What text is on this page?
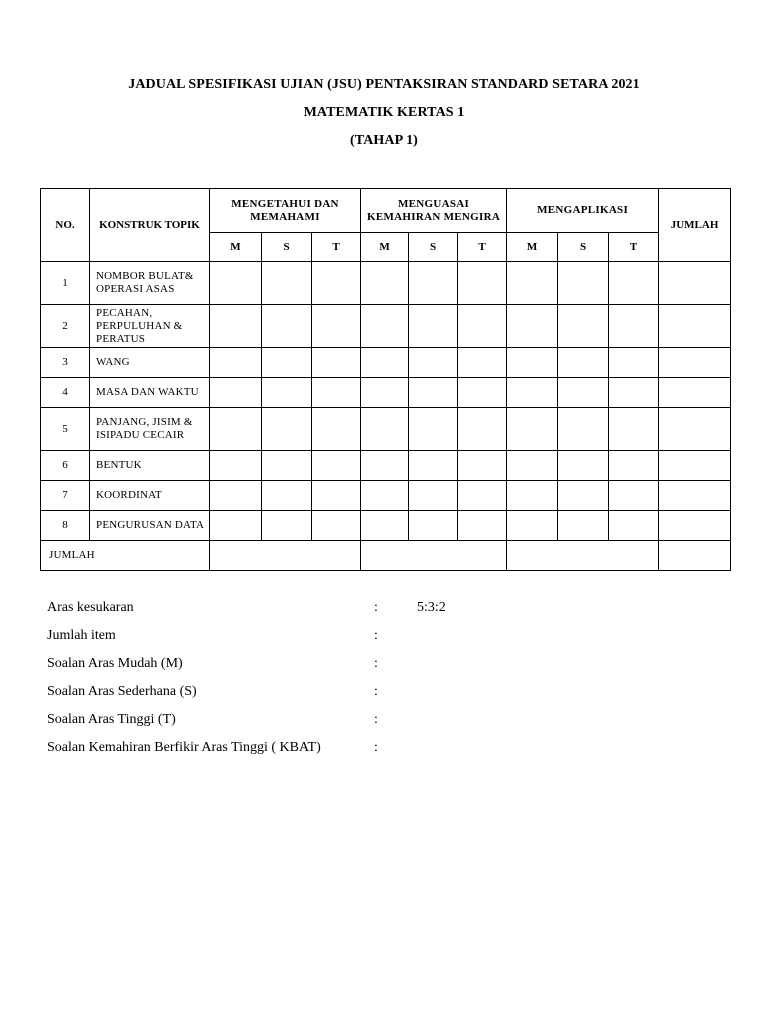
JADUAL SPESIFIKASI UJIAN (JSU) PENTAKSIRAN STANDARD SETARA 2021
MATEMATIK KERTAS 1
(TAHAP 1)
NO.	KONSTRUK TOPIK	MENGETAHUI DAN MEMAHAMI			MENGUASAI KEMAHIRAN MENGIRA			MENGAPLIKASI			JUMLAH
		M	S	T	M	S	T	M	S	T	
1	NOMBOR BULAT& OPERASI ASAS										
2	PECAHAN, PERPULUHAN & PERATUS										
3	WANG										
4	MASA DAN WAKTU										
5	PANJANG, JISIM & ISIPADU CECAIR										
6	BENTUK										
7	KOORDINAT										
8	PENGURUSAN DATA										
JUMLAH											
Aras kesukaran	:	5:3:2
Jumlah item	:
Soalan Aras Mudah (M)	:
Soalan Aras Sederhana (S)	:
Soalan Aras Tinggi (T)	:
Soalan Kemahiran Berfikir Aras Tinggi ( KBAT)	:
